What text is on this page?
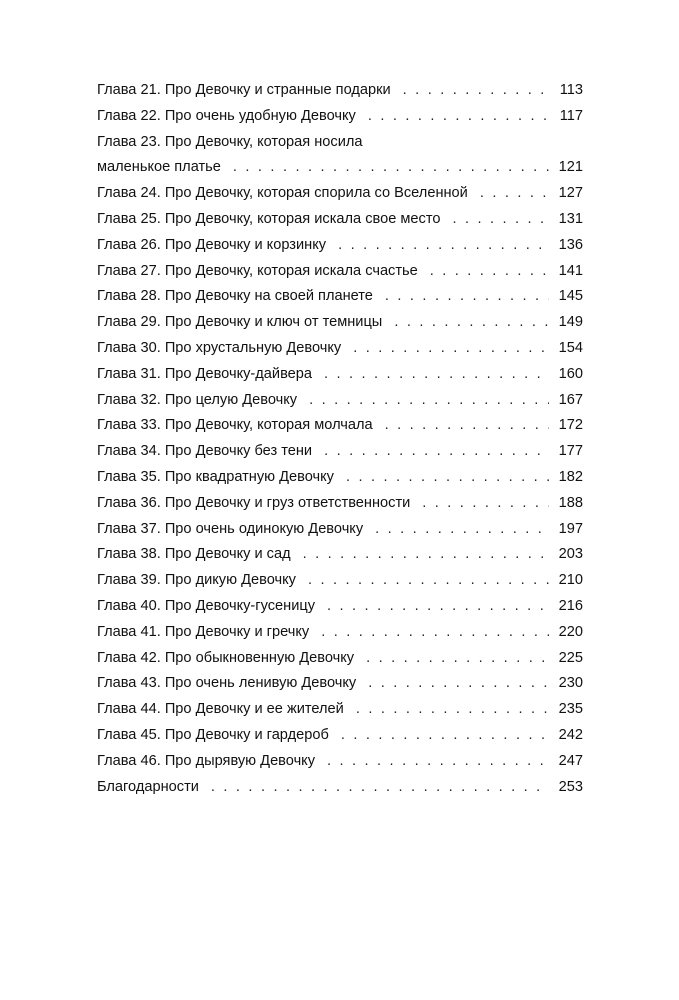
Глава 21. Про Девочку и странные подарки . . .	113
Глава 22. Про очень удобную Девочку . . .	117
Глава 23. Про Девочку, которая носила
маленькое платье . . .	121
Глава 24. Про Девочку, которая спорила со Вселенной . . .	127
Глава 25. Про Девочку, которая искала свое место . . .	131
Глава 26. Про Девочку и корзинку . . .	136
Глава 27. Про Девочку, которая искала счастье . . .	141
Глава 28. Про Девочку на своей планете . . .	145
Глава 29. Про Девочку и ключ от темницы . . .	149
Глава 30. Про хрустальную Девочку . . .	154
Глава 31. Про Девочку-дайвера . . .	160
Глава 32. Про целую Девочку . . .	167
Глава 33. Про Девочку, которая молчала . . .	172
Глава 34. Про Девочку без тени . . .	177
Глава 35. Про квадратную Девочку . . .	182
Глава 36. Про Девочку и груз ответственности . . .	188
Глава 37. Про очень одинокую Девочку . . .	197
Глава 38. Про Девочку и сад . . .	203
Глава 39. Про дикую Девочку . . .	210
Глава 40. Про Девочку-гусеницу . . .	216
Глава 41. Про Девочку и гречку . . .	220
Глава 42. Про обыкновенную Девочку . . .	225
Глава 43. Про очень ленивую Девочку . . .	230
Глава 44. Про Девочку и ее жителей . . .	235
Глава 45. Про Девочку и гардероб . . .	242
Глава 46. Про дырявую Девочку . . .	247
Благодарности . . .	253
